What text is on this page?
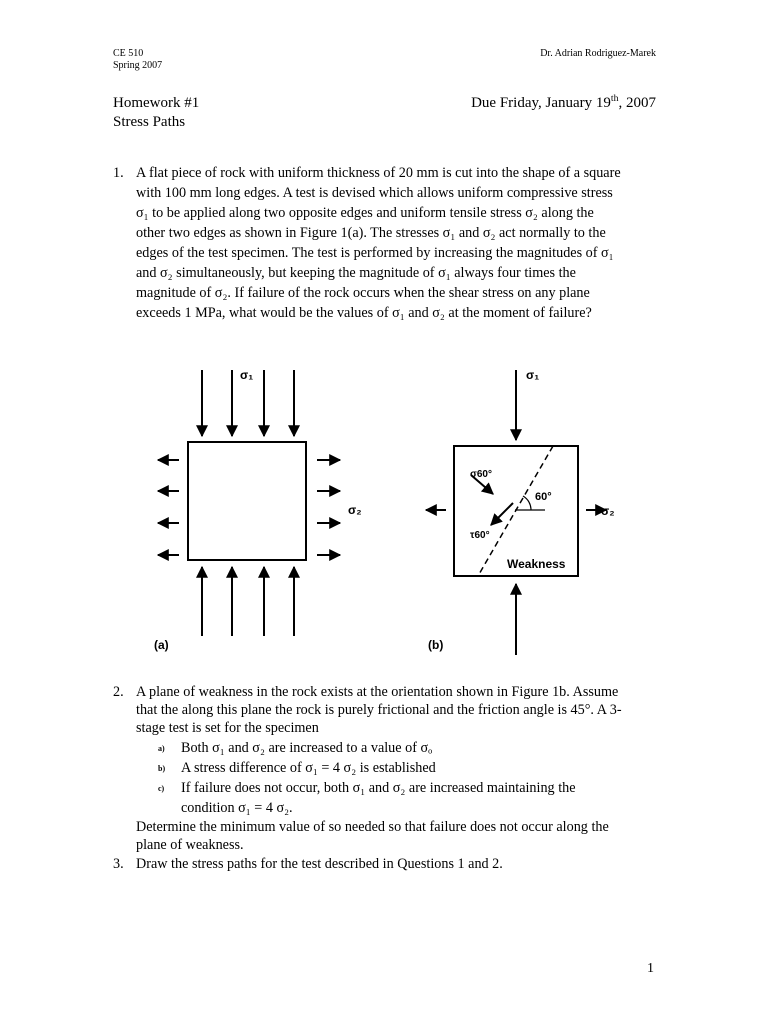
CE 510
Spring 2007
Dr. Adrian Rodriguez-Marek
Homework #1
Stress Paths
Due Friday, January 19th, 2007
1. A flat piece of rock with uniform thickness of 20 mm is cut into the shape of a square
with 100 mm long edges. A test is devised which allows uniform compressive stress
σ₁ to be applied along two opposite edges and uniform tensile stress σ₂ along the
other two edges as shown in Figure 1(a). The stresses σ₁ and σ₂ act normally to the
edges of the test specimen. The test is performed by increasing the magnitudes of σ₁
and σ₂ simultaneously, but keeping the magnitude of σ₁ always four times the
magnitude of σ₂. If failure of the rock occurs when the shear stress on any plane
exceeds 1 MPa, what would be the values of σ₁ and σ₂ at the moment of failure?
σ₁
σ₂
(a)
σ₂
σ₁
σ60°
τ60°
60°
Weakness
(b)
2. A plane of weakness in the rock exists at the orientation shown in Figure 1b. Assume
that the along this plane the rock is purely frictional and the friction angle is 45°. A 3-
stage test is set for the specimen
a) Both σ₁ and σ₂ are increased to a value of σₒ
b) A stress difference of σ₁ = 4 σ₂ is established
c) If failure does not occur, both σ₁ and σ₂ are increased maintaining the
condition σ₁ = 4 σ₂.
Determine the minimum value of so needed so that failure does not occur along the
plane of weakness.
3. Draw the stress paths for the test described in Questions 1 and 2.
1
